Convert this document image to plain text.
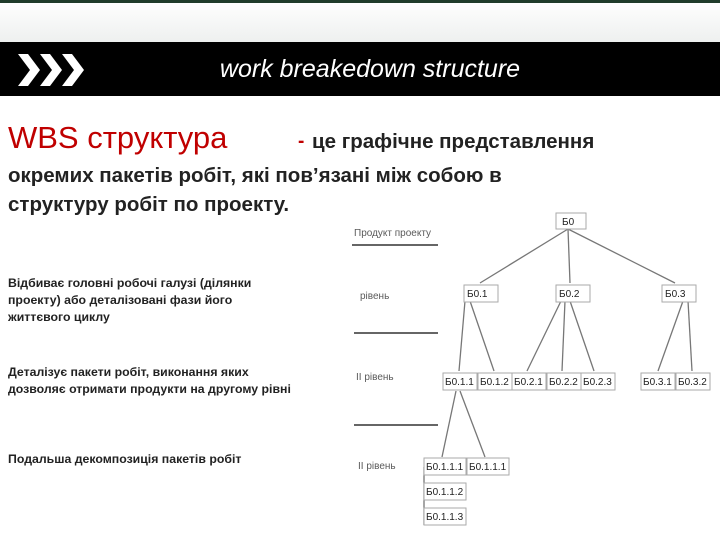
work breakedown structure
WBS структура	- це графічне представлення
окремих пакетів робіт, які пов’язані між собою в
структуру робіт по проекту.
Відбиває головні робочі галузі (ділянки
проекту) або деталізовані фази його
життєвого циклу
Деталізує пакети робіт, виконання яких
дозволяє отримати продукти на другому рівні
Подальша декомпозиція пакетів робіт
Продукт проекту
рівень
II рівень
II рівень
Б0
Б0.1	Б0.2	Б0.3
Б0.1.1 Б0.1.2 Б0.2.1 Б0.2.2 Б0.2.3	Б0.3.1 Б0.3.2
Б0.1.1.1 Б0.1.1.1
Б0.1.1.2
Б0.1.1.3
